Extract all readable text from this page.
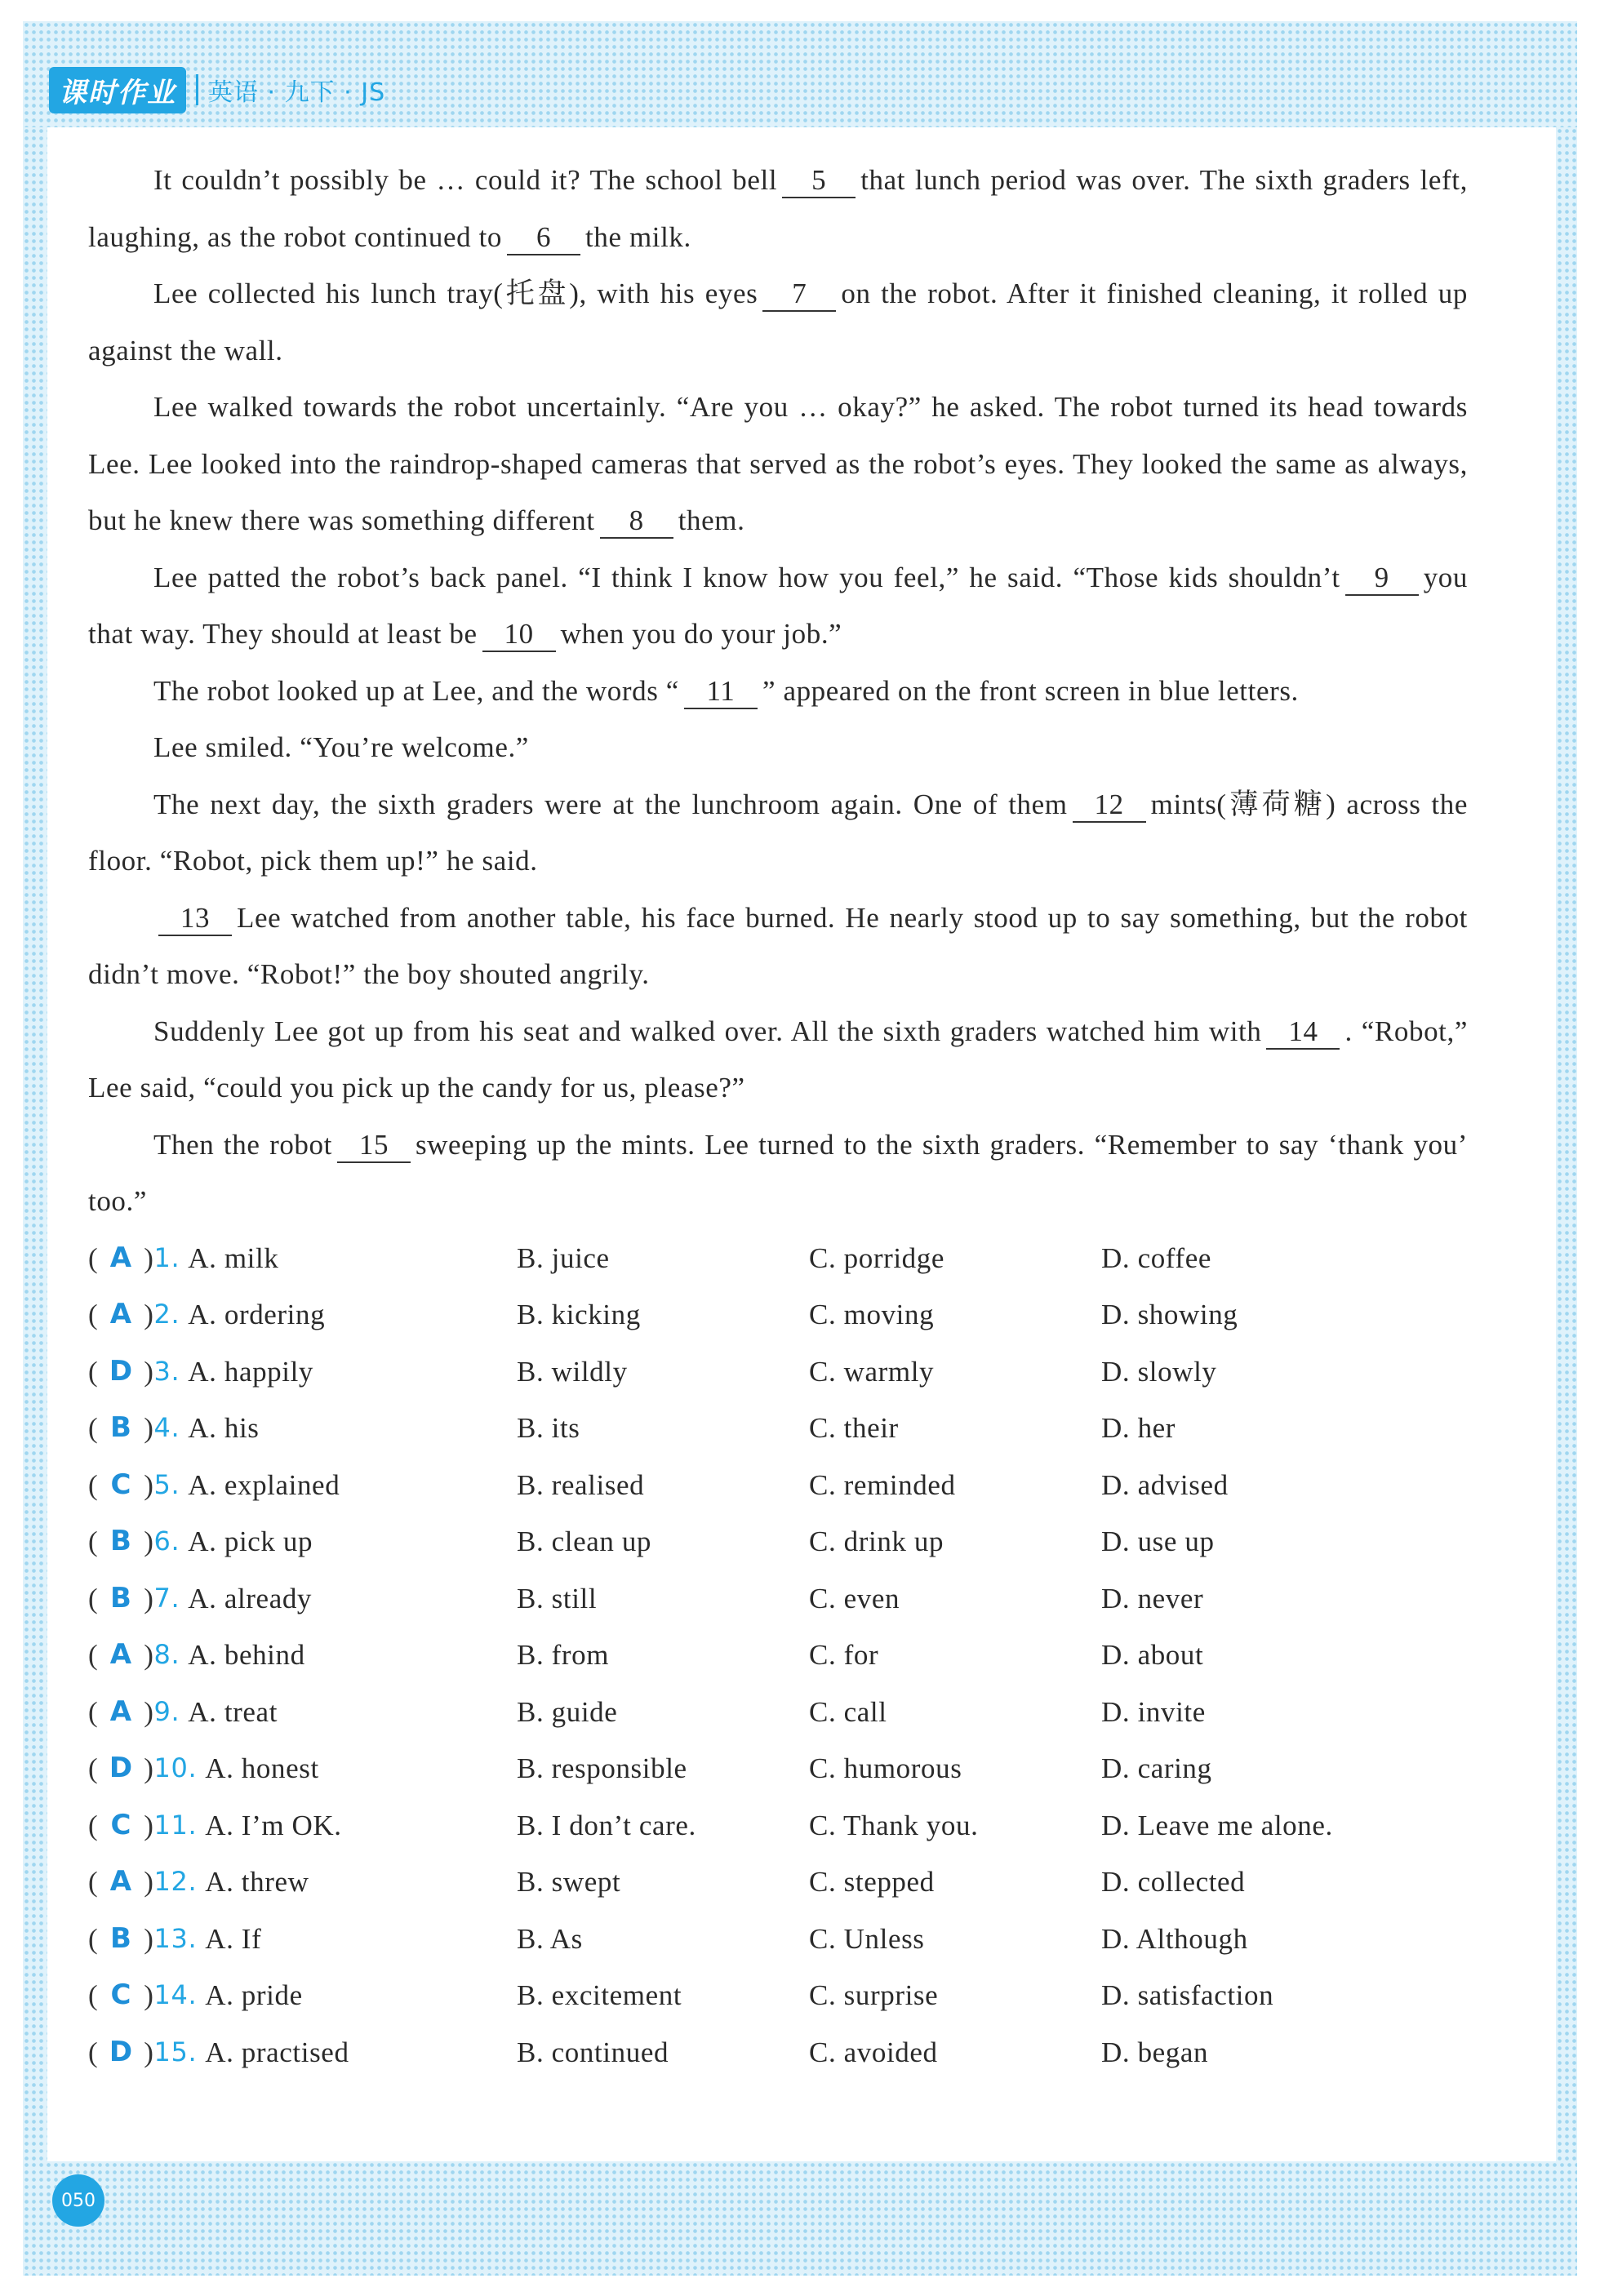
课时作业	英语 · 九下 · JS

It couldn’t possibly be … could it? The school bell 5 that lunch period was over. The sixth graders left, laughing, as the robot continued to 6 the milk.

Lee collected his lunch tray(托盘), with his eyes 7 on the robot. After it finished cleaning, it rolled up against the wall.

Lee walked towards the robot uncertainly. “Are you … okay?” he asked. The robot turned its head towards Lee. Lee looked into the raindrop-shaped cameras that served as the robot’s eyes. They looked the same as always, but he knew there was something different 8 them.

Lee patted the robot’s back panel. “I think I know how you feel,” he said. “Those kids shouldn’t 9 you that way. They should at least be 10 when you do your job.”

The robot looked up at Lee, and the words “ 11 ” appeared on the front screen in blue letters.

Lee smiled. “You’re welcome.”

The next day, the sixth graders were at the lunchroom again. One of them 12 mints(薄荷糖) across the floor. “Robot, pick them up!” he said.

13 Lee watched from another table, his face burned. He nearly stood up to say something, but the robot didn’t move. “Robot!” the boy shouted angrily.

Suddenly Lee got up from his seat and walked over. All the sixth graders watched him with 14 . “Robot,” Lee said, “could you pick up the candy for us, please?”

Then the robot 15 sweeping up the mints. Lee turned to the sixth graders. “Remember to say ‘thank you’ too.”

( A ) 1. A. milk	B. juice	C. porridge	D. coffee
( A ) 2. A. ordering	B. kicking	C. moving	D. showing
( D ) 3. A. happily	B. wildly	C. warmly	D. slowly
( B ) 4. A. his	B. its	C. their	D. her
( C ) 5. A. explained	B. realised	C. reminded	D. advised
( B ) 6. A. pick up	B. clean up	C. drink up	D. use up
( B ) 7. A. already	B. still	C. even	D. never
( A ) 8. A. behind	B. from	C. for	D. about
( A ) 9. A. treat	B. guide	C. call	D. invite
( D ) 10. A. honest	B. responsible	C. humorous	D. caring
( C ) 11. A. I’m OK.	B. I don’t care.	C. Thank you.	D. Leave me alone.
( A ) 12. A. threw	B. swept	C. stepped	D. collected
( B ) 13. A. If	B. As	C. Unless	D. Although
( C ) 14. A. pride	B. excitement	C. surprise	D. satisfaction
( D ) 15. A. practised	B. continued	C. avoided	D. began
050
